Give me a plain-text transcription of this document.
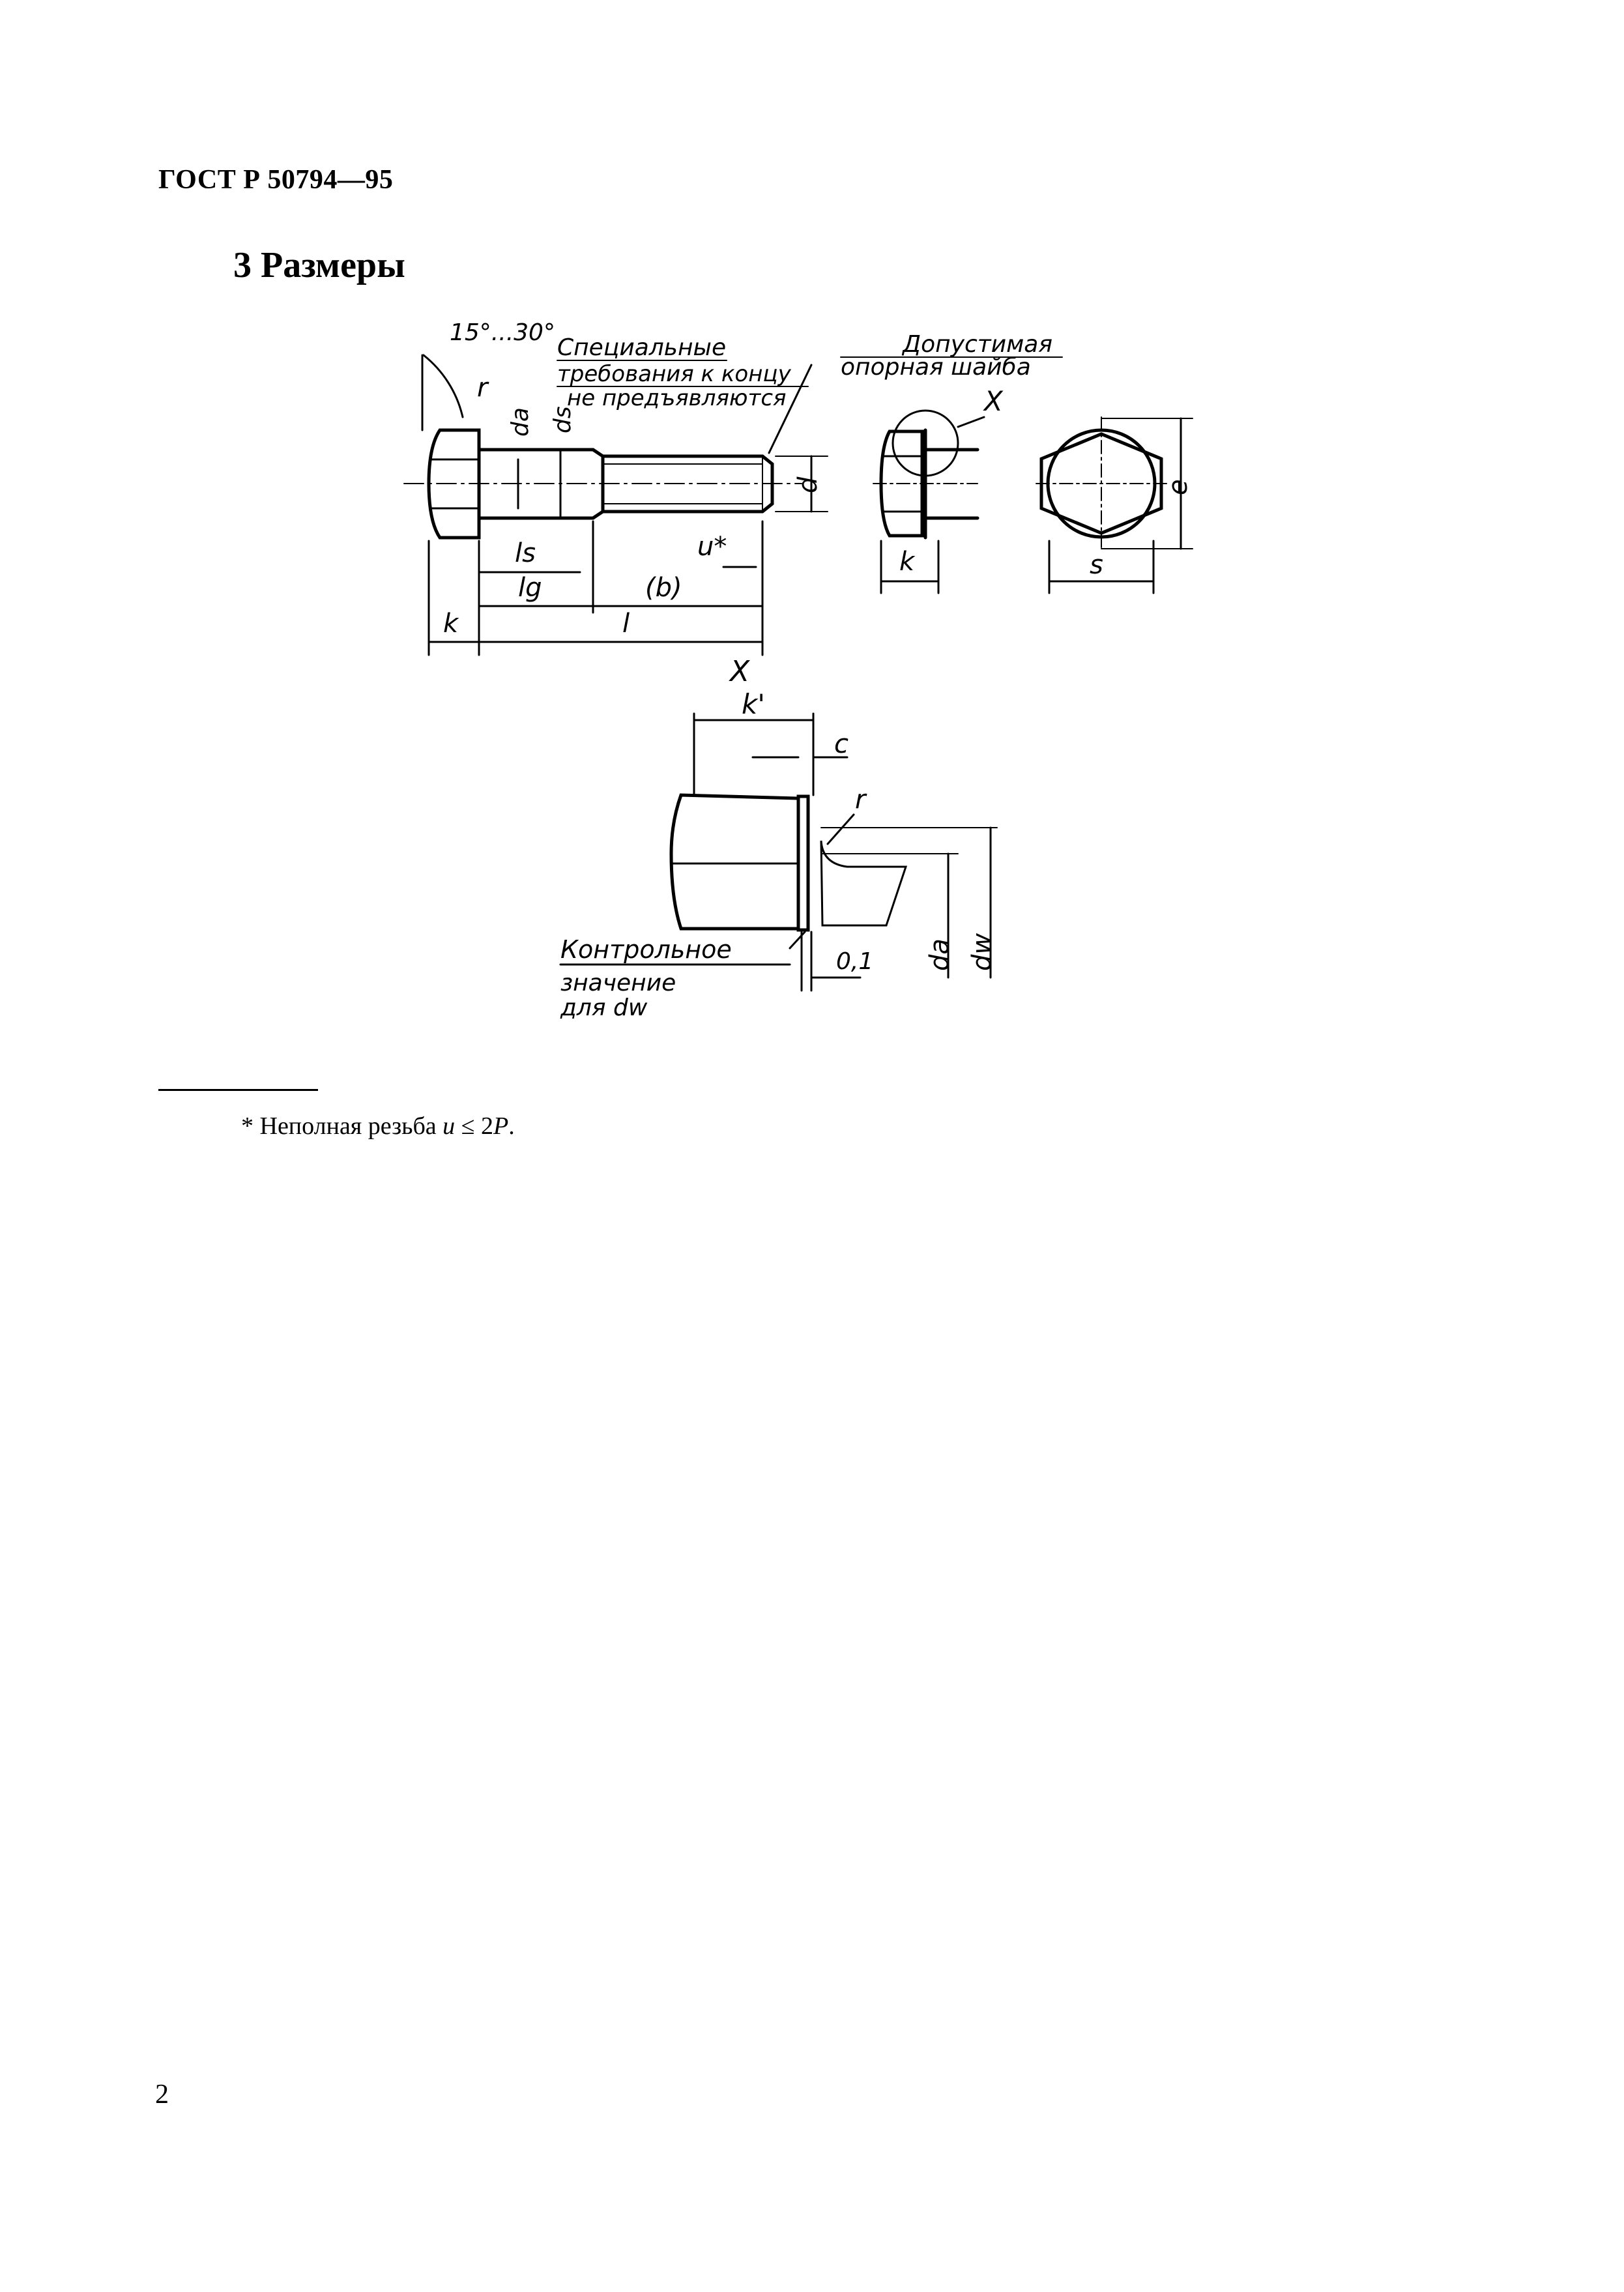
ГОСТ Р 50794—95
3 Размеры
15°...30°
Специальные
требования к концу
не предъявляются
r
da ds
d
ls
lg	(b)
k	l
u*
X
Допустимая
опорная шайба
k
e
s
X
k'
c
r
da dw
0,1
Контрольное
значение
для dw
* Неполная резьба u ≤ 2P.
2
